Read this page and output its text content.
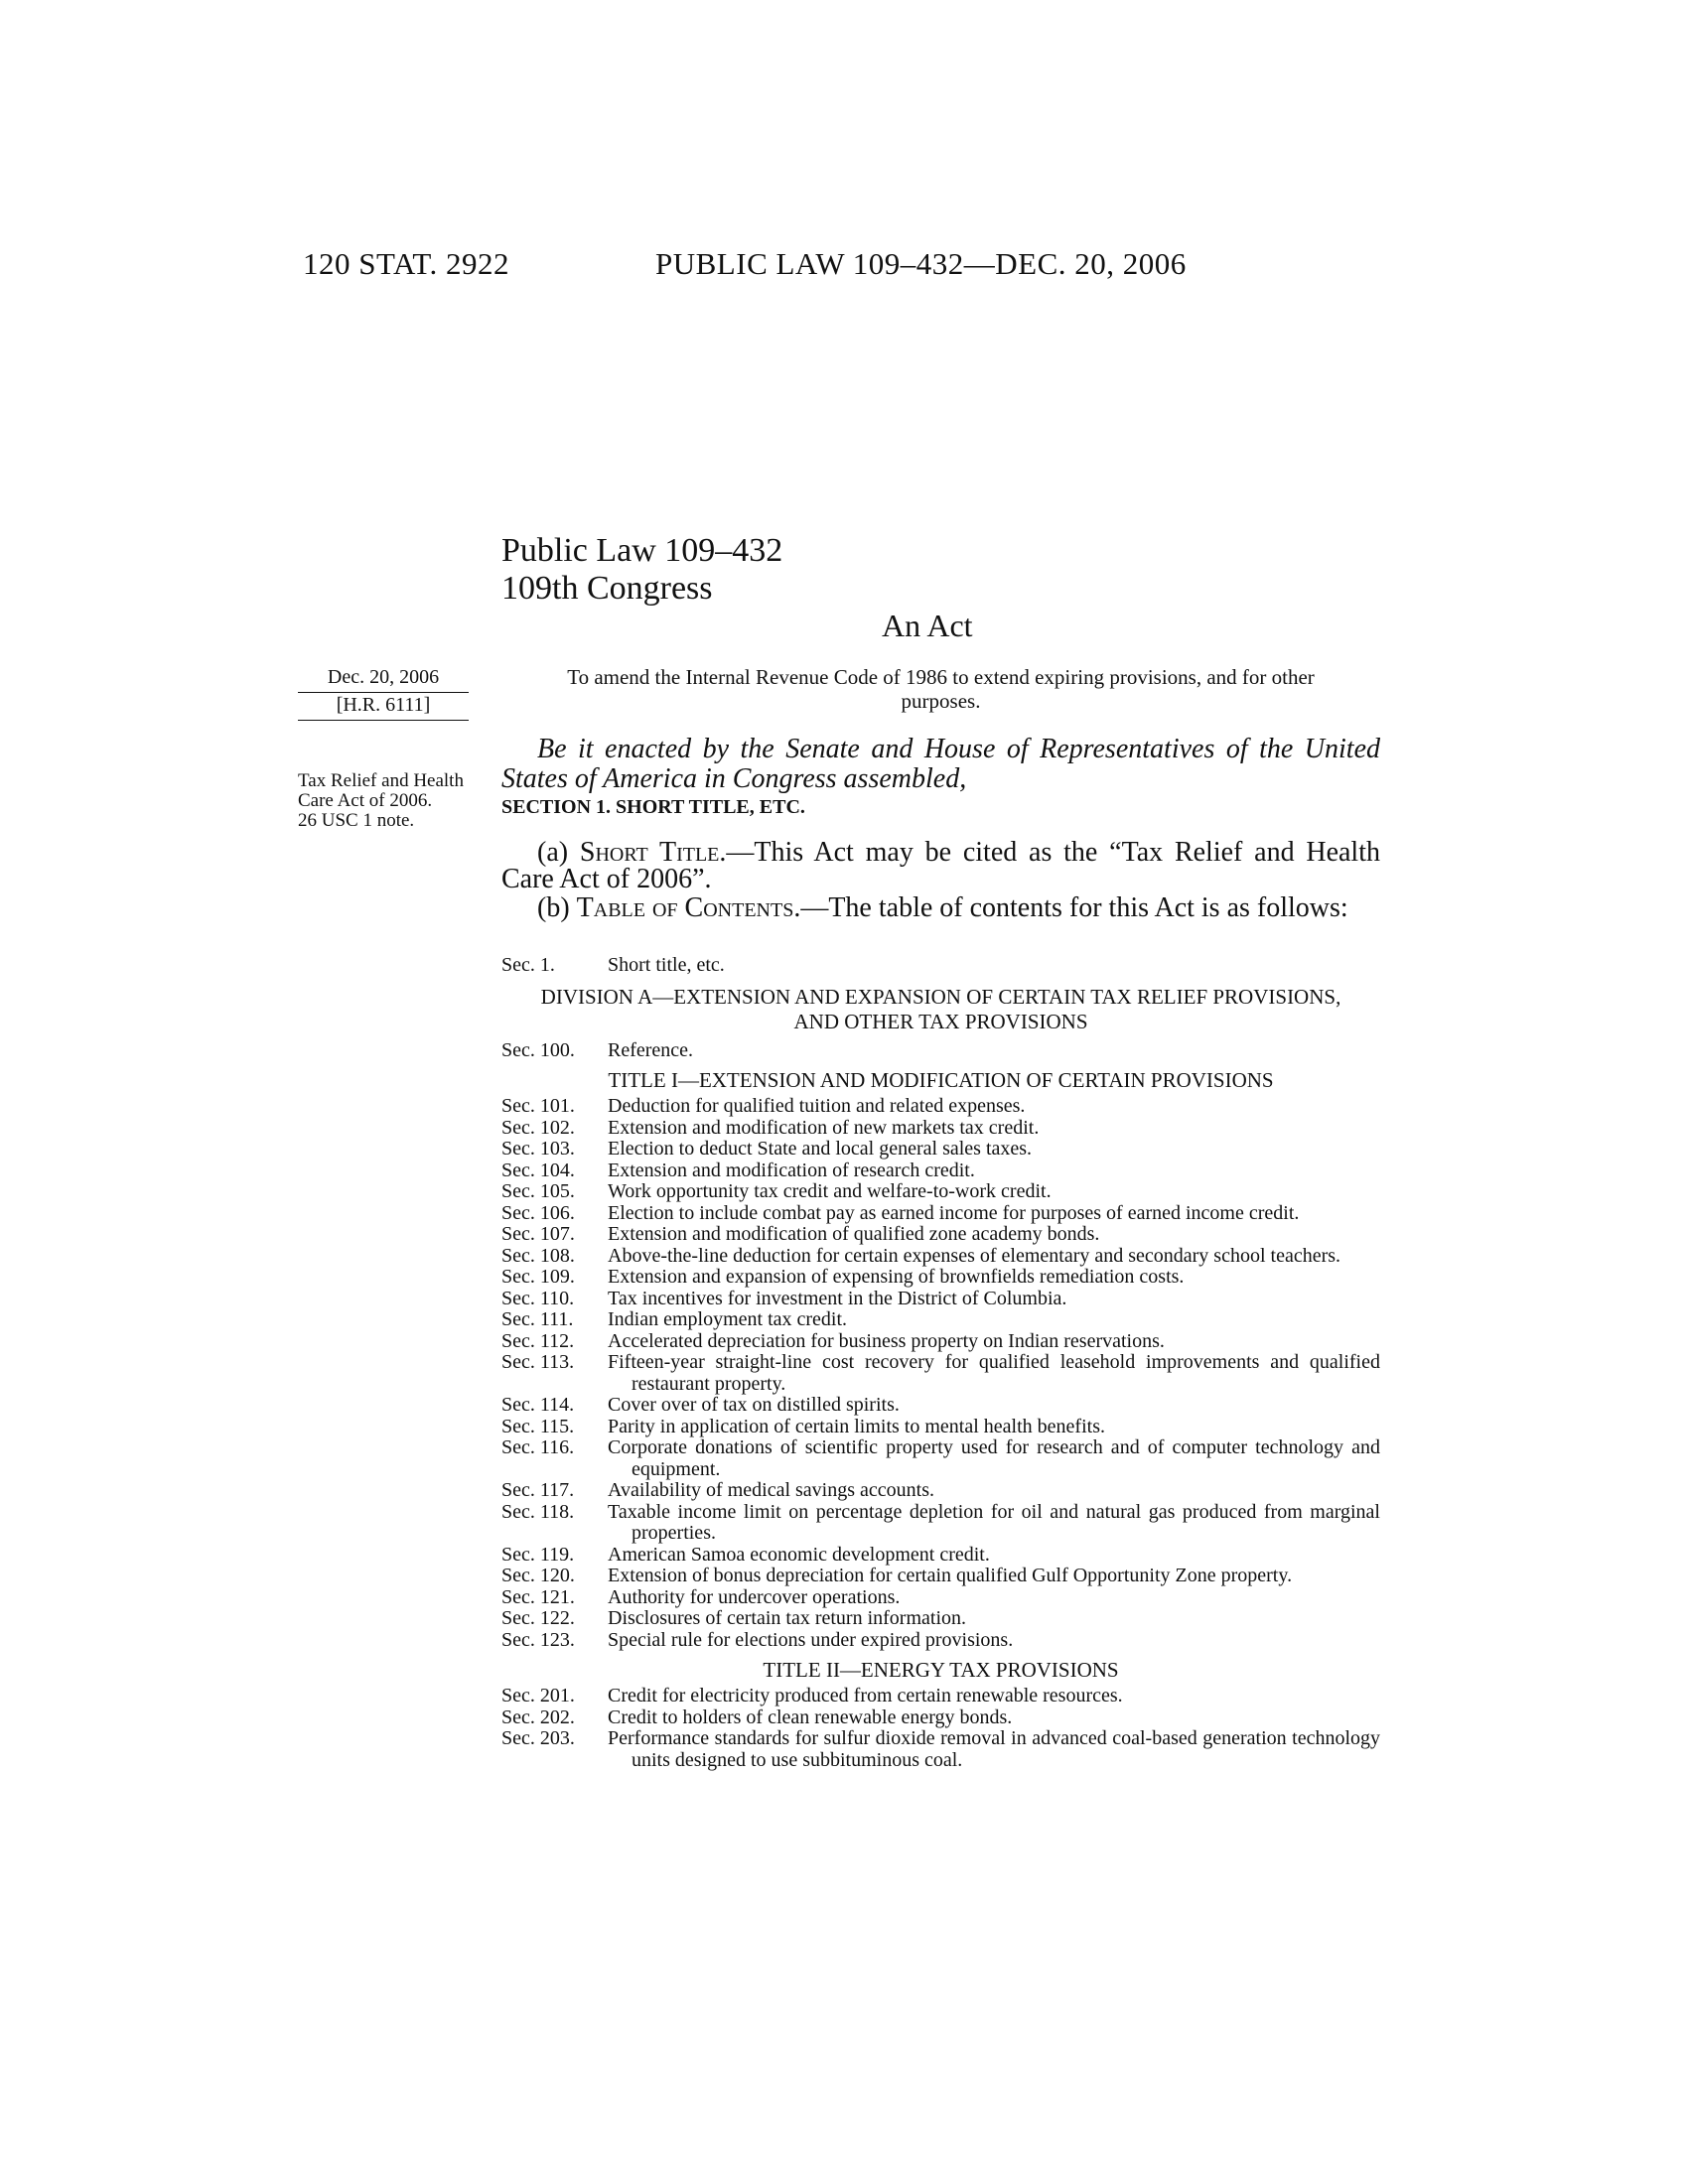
120 STAT. 2922	PUBLIC LAW 109–432—DEC. 20, 2006
Public Law 109–432
109th Congress
An Act
Dec. 20, 2006
[H.R. 6111]
Tax Relief and Health Care Act of 2006.
26 USC 1 note.
To amend the Internal Revenue Code of 1986 to extend expiring provisions, and for other purposes.
Be it enacted by the Senate and House of Representatives of the United States of America in Congress assembled,
SECTION 1. SHORT TITLE, ETC.
(a) Short Title.—This Act may be cited as the “Tax Relief and Health Care Act of 2006”.
(b) Table of Contents.—The table of contents for this Act is as follows:
Sec. 1.	Short title, etc.
DIVISION A—EXTENSION AND EXPANSION OF CERTAIN TAX RELIEF PROVISIONS, AND OTHER TAX PROVISIONS
Sec. 100.	Reference.
TITLE I—EXTENSION AND MODIFICATION OF CERTAIN PROVISIONS
Sec. 101.	Deduction for qualified tuition and related expenses.
Sec. 102.	Extension and modification of new markets tax credit.
Sec. 103.	Election to deduct State and local general sales taxes.
Sec. 104.	Extension and modification of research credit.
Sec. 105.	Work opportunity tax credit and welfare-to-work credit.
Sec. 106.	Election to include combat pay as earned income for purposes of earned income credit.
Sec. 107.	Extension and modification of qualified zone academy bonds.
Sec. 108.	Above-the-line deduction for certain expenses of elementary and secondary school teachers.
Sec. 109.	Extension and expansion of expensing of brownfields remediation costs.
Sec. 110.	Tax incentives for investment in the District of Columbia.
Sec. 111.	Indian employment tax credit.
Sec. 112.	Accelerated depreciation for business property on Indian reservations.
Sec. 113.	Fifteen-year straight-line cost recovery for qualified leasehold improvements and qualified restaurant property.
Sec. 114.	Cover over of tax on distilled spirits.
Sec. 115.	Parity in application of certain limits to mental health benefits.
Sec. 116.	Corporate donations of scientific property used for research and of computer technology and equipment.
Sec. 117.	Availability of medical savings accounts.
Sec. 118.	Taxable income limit on percentage depletion for oil and natural gas produced from marginal properties.
Sec. 119.	American Samoa economic development credit.
Sec. 120.	Extension of bonus depreciation for certain qualified Gulf Opportunity Zone property.
Sec. 121.	Authority for undercover operations.
Sec. 122.	Disclosures of certain tax return information.
Sec. 123.	Special rule for elections under expired provisions.
TITLE II—ENERGY TAX PROVISIONS
Sec. 201.	Credit for electricity produced from certain renewable resources.
Sec. 202.	Credit to holders of clean renewable energy bonds.
Sec. 203.	Performance standards for sulfur dioxide removal in advanced coal-based generation technology units designed to use subbituminous coal.
